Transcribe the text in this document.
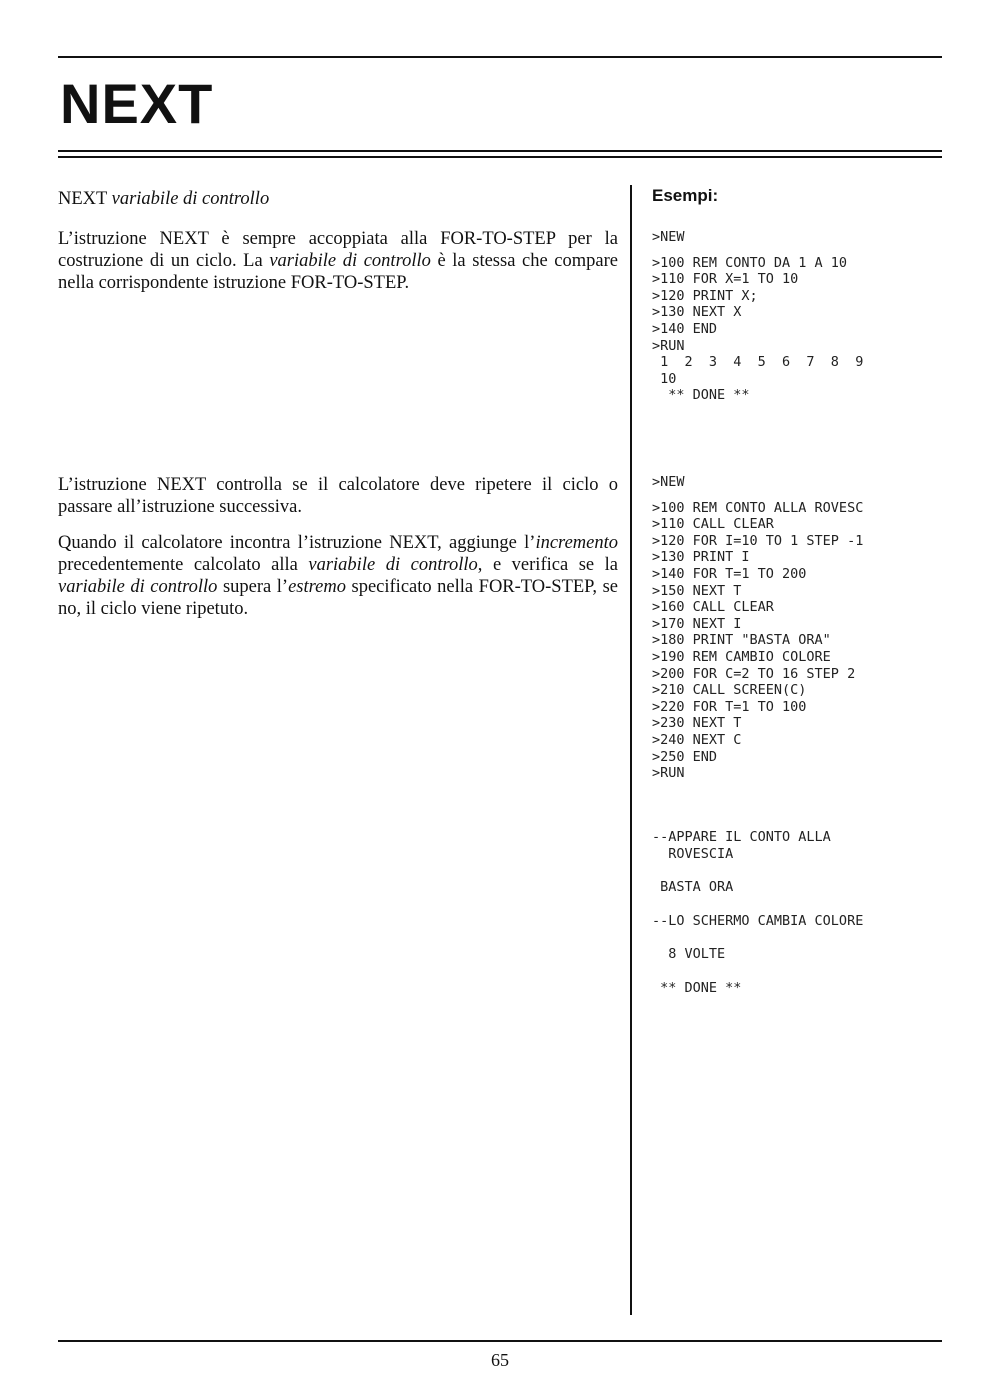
NEXT

NEXT variabile di controllo

L’istruzione NEXT è sempre accoppiata alla FOR-TO-STEP per la costruzione di un ciclo. La variabile di controllo è la stessa che compare nella corrispondente istruzione FOR-TO-STEP.

L’istruzione NEXT controlla se il calcolatore deve ripetere il ciclo o passare all’istruzione successiva.

Quando il calcolatore incontra l’istruzione NEXT, aggiunge l’incremento precedentemente calcolato alla variabile di controllo, e verifica se la variabile di controllo supera l’estremo specificato nella FOR-TO-STEP, se no, il ciclo viene ripetuto.

Esempi:
>NEW
>100 REM CONTO DA 1 A 10
>110 FOR X=1 TO 10
>120 PRINT X;
>130 NEXT X
>140 END
>RUN
1  2  3  4  5  6  7  8  9
10
** DONE **
>NEW
>100 REM CONTO ALLA ROVESC
>110 CALL CLEAR
>120 FOR I=10 TO 1 STEP -1
>130 PRINT I
>140 FOR T=1 TO 200
>150 NEXT T
>160 CALL CLEAR
>170 NEXT I
>180 PRINT "BASTA ORA"
>190 REM CAMBIO COLORE
>200 FOR C=2 TO 16 STEP 2
>210 CALL SCREEN(C)
>220 FOR T=1 TO 100
>230 NEXT T
>240 NEXT C
>250 END
>RUN
--APPARE IL CONTO ALLA
ROVESCIA
BASTA ORA
--LO SCHERMO CAMBIA COLORE
8 VOLTE
** DONE **
65
